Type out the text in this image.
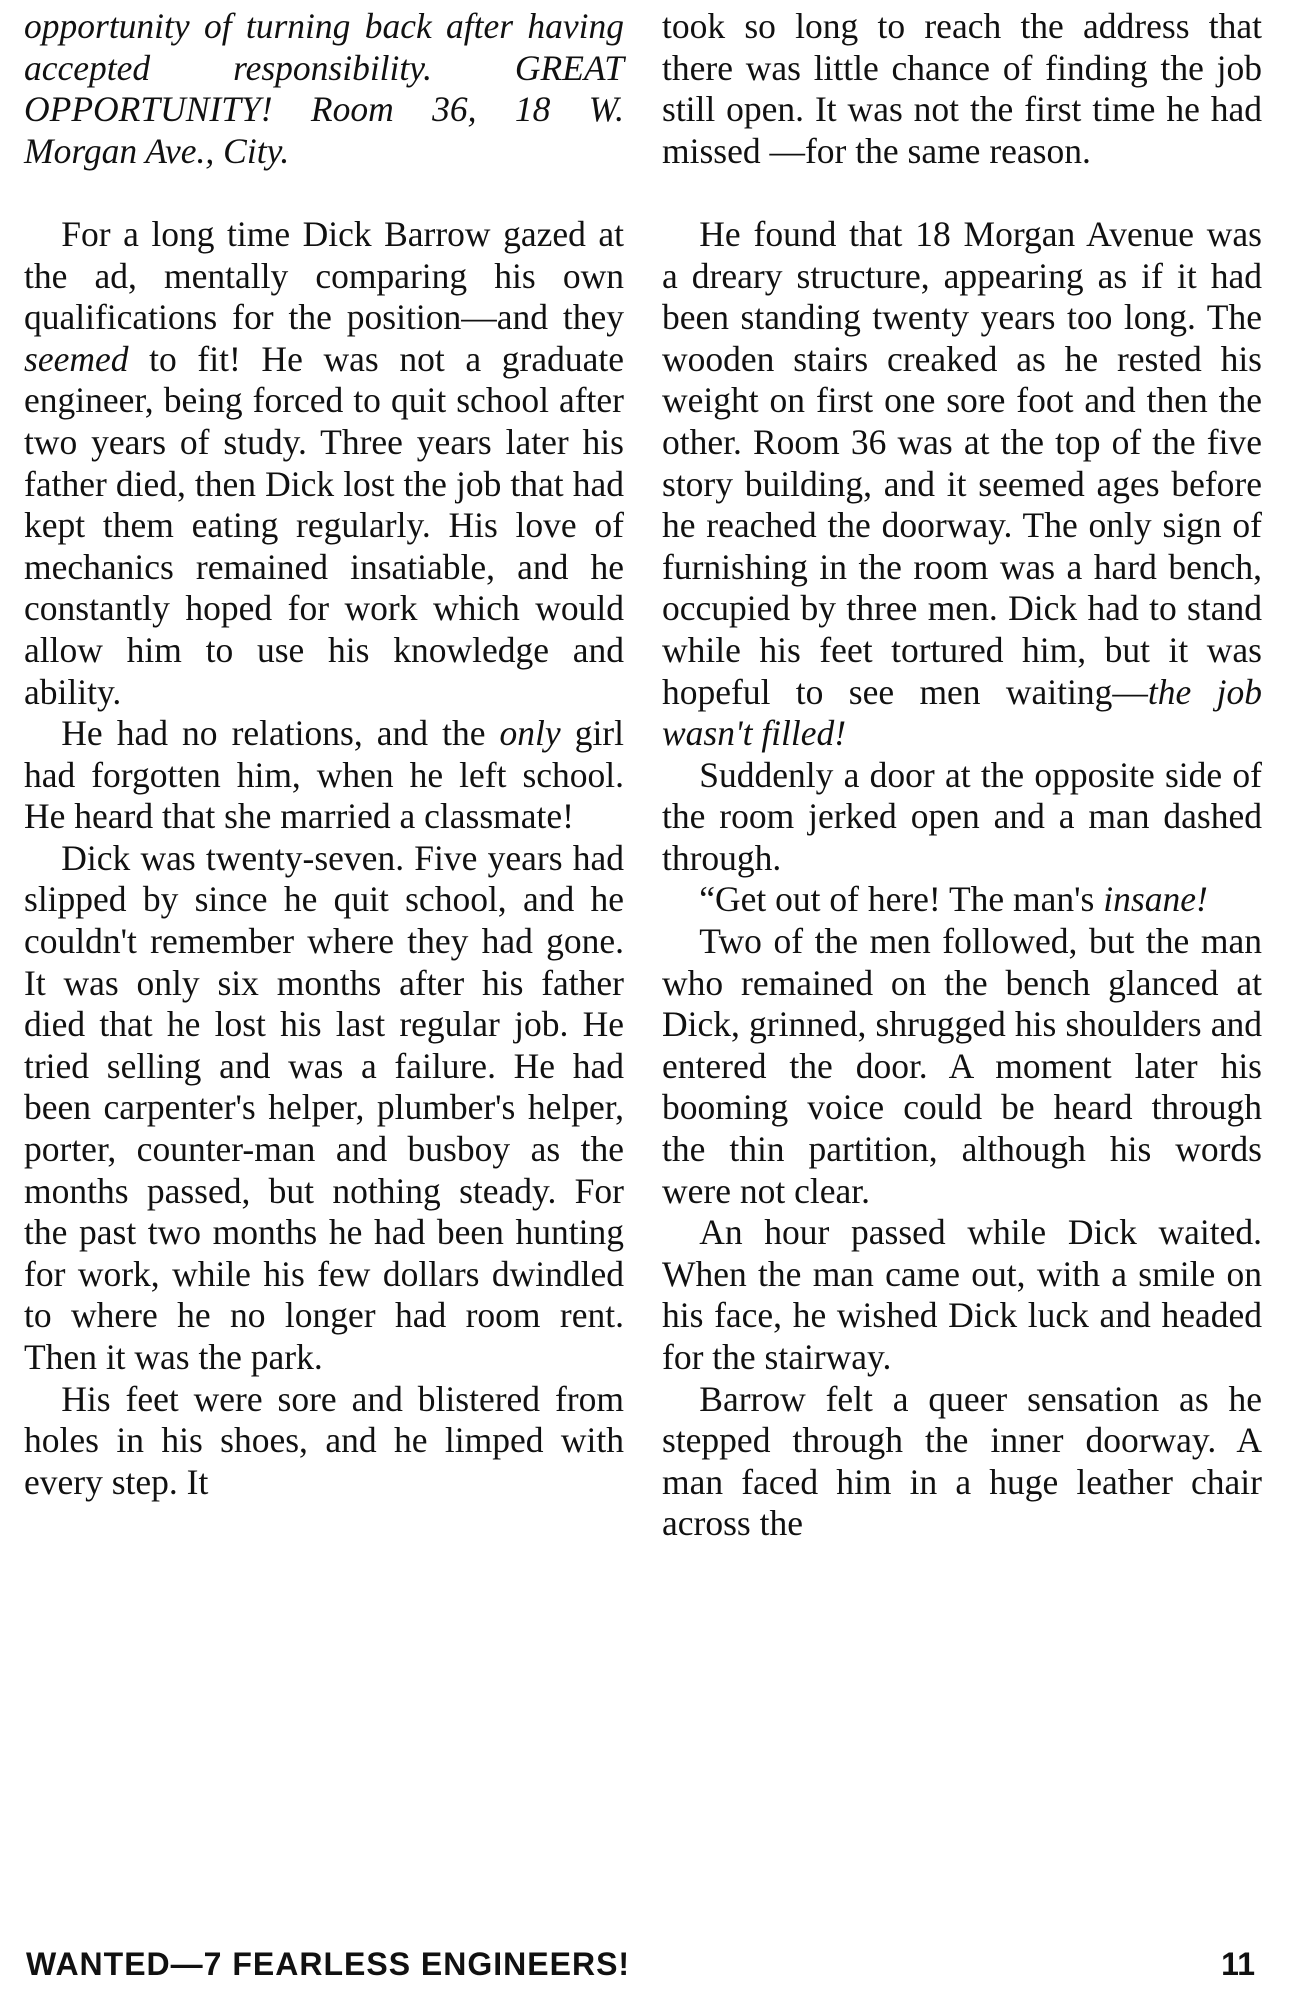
opportunity of turning back after having accepted responsibility. GREAT OPPORTUNITY! Room 36, 18 W. Morgan Ave., City.

For a long time Dick Barrow gazed at the ad, mentally comparing his own qualifications for the position—and they seemed to fit! He was not a graduate engineer, being forced to quit school after two years of study. Three years later his father died, then Dick lost the job that had kept them eating regularly. His love of mechanics remained insatiable, and he constantly hoped for work which would allow him to use his knowledge and ability.

He had no relations, and the only girl had forgotten him, when he left school. He heard that she married a classmate!

Dick was twenty-seven. Five years had slipped by since he quit school, and he couldn't remember where they had gone. It was only six months after his father died that he lost his last regular job. He tried selling and was a failure. He had been carpenter's helper, plumber's helper, porter, counter-man and busboy as the months passed, but nothing steady. For the past two months he had been hunting for work, while his few dollars dwindled to where he no longer had room rent. Then it was the park.

His feet were sore and blistered from holes in his shoes, and he limped with every step. It

took so long to reach the address that there was little chance of finding the job still open. It was not the first time he had missed —for the same reason.

He found that 18 Morgan Avenue was a dreary structure, appearing as if it had been standing twenty years too long. The wooden stairs creaked as he rested his weight on first one sore foot and then the other. Room 36 was at the top of the five story building, and it seemed ages before he reached the doorway. The only sign of furnishing in the room was a hard bench, occupied by three men. Dick had to stand while his feet tortured him, but it was hopeful to see men waiting—the job wasn't filled!

Suddenly a door at the opposite side of the room jerked open and a man dashed through.

“Get out of here! The man's insane!

Two of the men followed, but the man who remained on the bench glanced at Dick, grinned, shrugged his shoulders and entered the door. A moment later his booming voice could be heard through the thin partition, although his words were not clear.

An hour passed while Dick waited. When the man came out, with a smile on his face, he wished Dick luck and headed for the stairway.

Barrow felt a queer sensation as he stepped through the inner doorway. A man faced him in a huge leather chair across the

WANTED—7 FEARLESS ENGINEERS!	11
